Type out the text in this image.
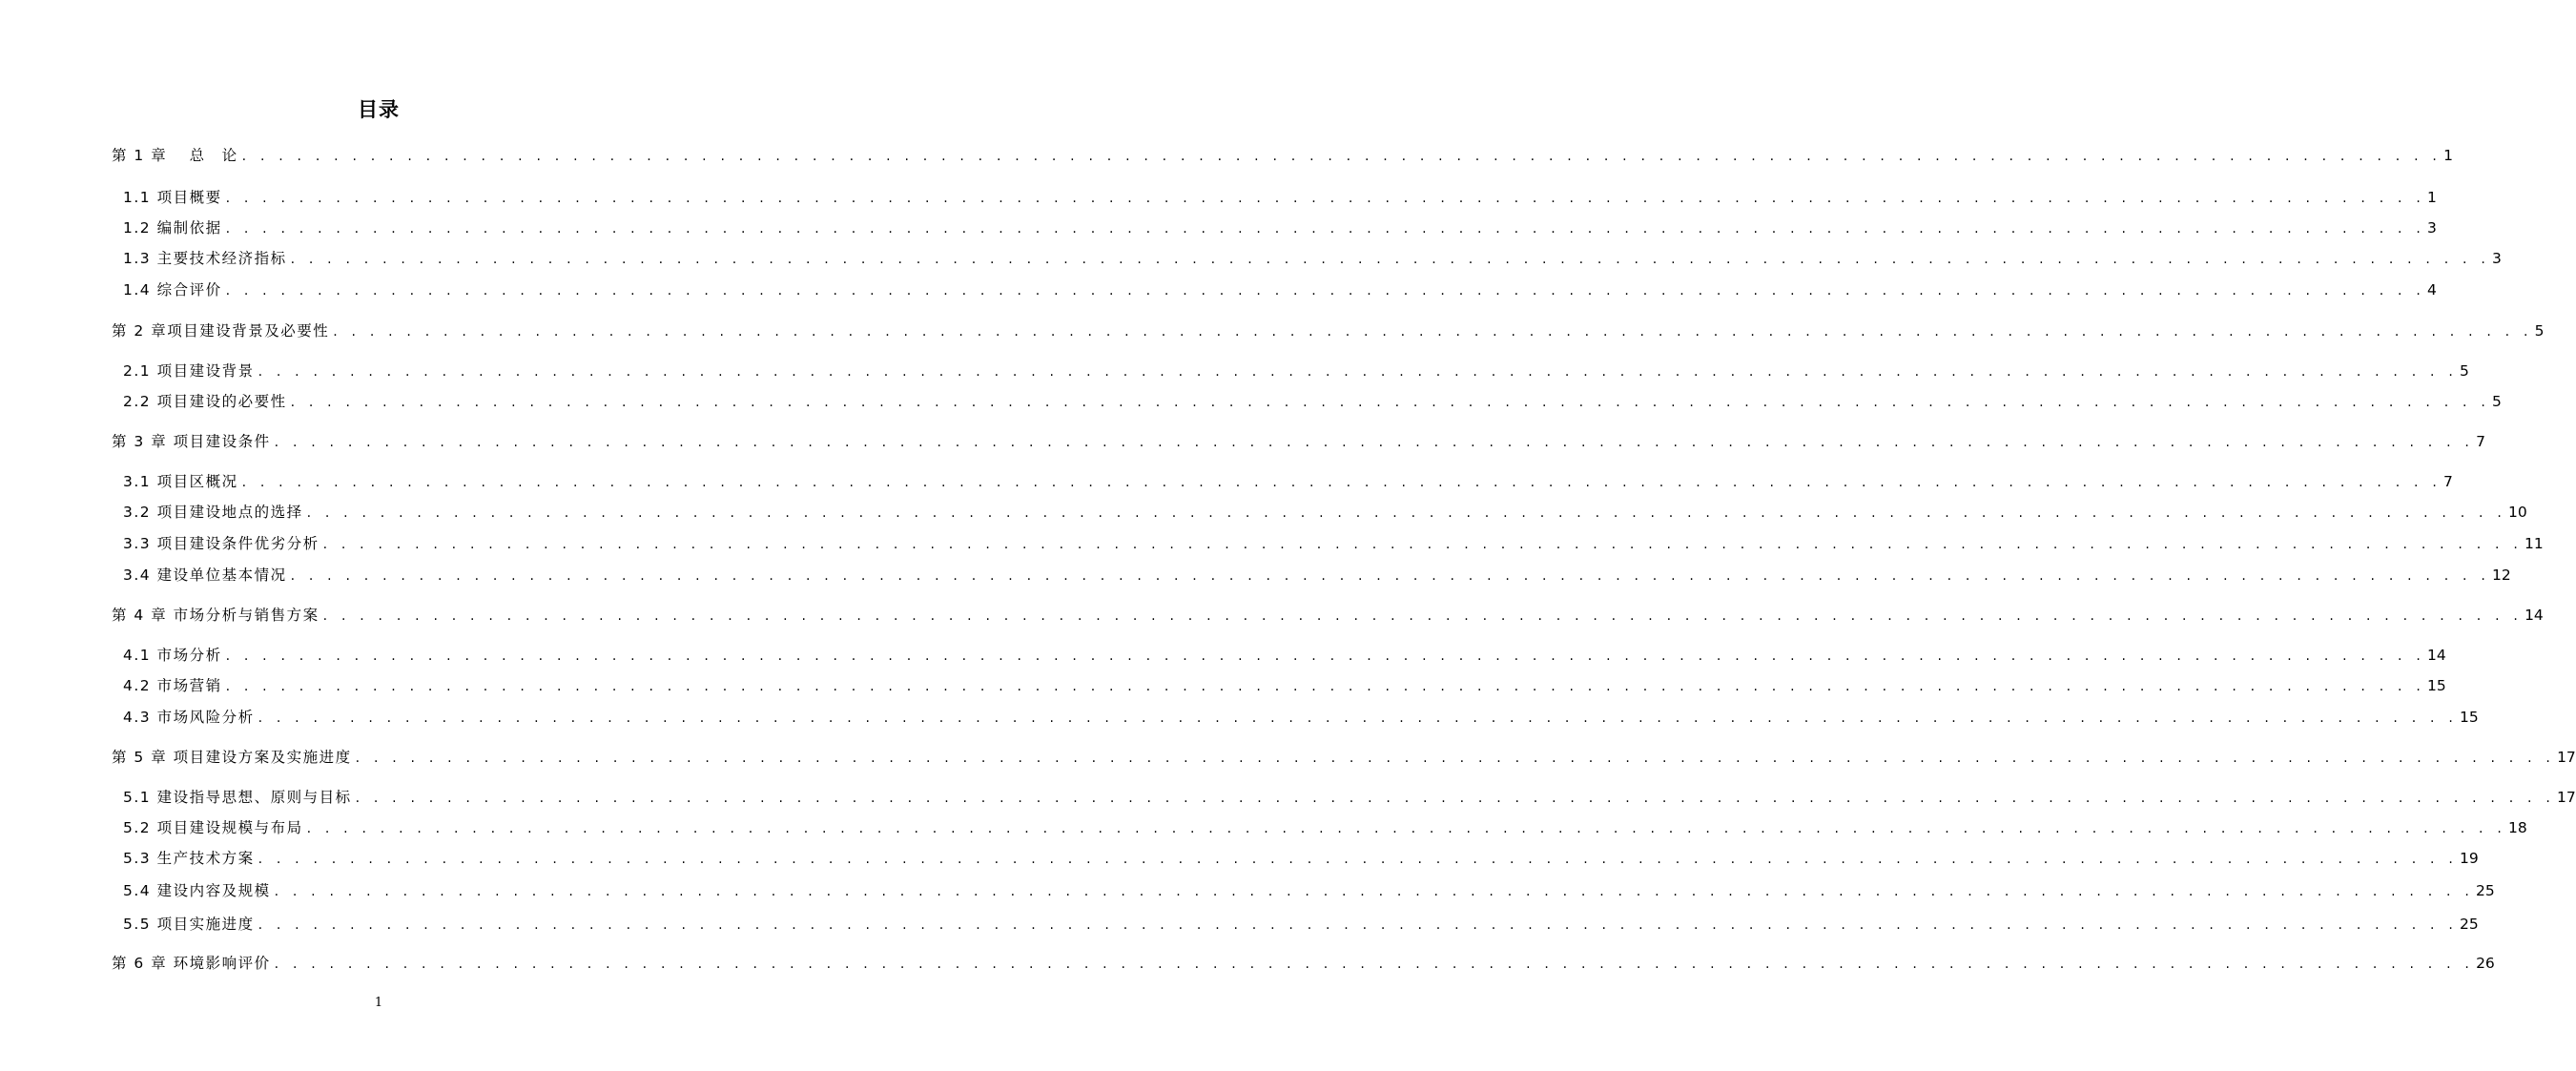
目录
第 1 章　 总　论 . . . . . . . . . . . . . . . . . . . . . . . . . . . . . . . . . . . . . . . . . . . . . . . . . . . . . . . . . . . . . . . . . . . . . . . . . . . . . . . . . . . . . . . . . . . . . . . . . . . . . . . . . . . . . . . . . . . . . . . . 1
1.1 项目概要 . . . . . . . . . . . . . . . . . . . . . . . . . . . . . . . . . . . . . . . . . . . . . . . . . . . . . . . . . . . . . . . . . . . . . . . . . . . . . . . . . . . . . . . . . . . . . . . . . . . . . . . . . . . . . . . . . . . . . . . . 1
1.2 编制依据 . . . . . . . . . . . . . . . . . . . . . . . . . . . . . . . . . . . . . . . . . . . . . . . . . . . . . . . . . . . . . . . . . . . . . . . . . . . . . . . . . . . . . . . . . . . . . . . . . . . . . . . . . . . . . . . . . . . . . . . . 3
1.3 主要技术经济指标 . . . . . . . . . . . . . . . . . . . . . . . . . . . . . . . . . . . . . . . . . . . . . . . . . . . . . . . . . . . . . . . . . . . . . . . . . . . . . . . . . . . . . . . . . . . . . . . . . . . . . . . . . . . . . . . . . . . . . . . . 3
1.4 综合评价 . . . . . . . . . . . . . . . . . . . . . . . . . . . . . . . . . . . . . . . . . . . . . . . . . . . . . . . . . . . . . . . . . . . . . . . . . . . . . . . . . . . . . . . . . . . . . . . . . . . . . . . . . . . . . . . . . . . . . . . . 4
第 2 章项目建设背景及必要性 . . . . . . . . . . . . . . . . . . . . . . . . . . . . . . . . . . . . . . . . . . . . . . . . . . . . . . . . . . . . . . . . . . . . . . . . . . . . . . . . . . . . . . . . . . . . . . . . . . . . . . . . . . . . . . . . . . . . . . . . 5
2.1 项目建设背景 . . . . . . . . . . . . . . . . . . . . . . . . . . . . . . . . . . . . . . . . . . . . . . . . . . . . . . . . . . . . . . . . . . . . . . . . . . . . . . . . . . . . . . . . . . . . . . . . . . . . . . . . . . . . . . . . . . . . . . . . 5
2.2 项目建设的必要性 . . . . . . . . . . . . . . . . . . . . . . . . . . . . . . . . . . . . . . . . . . . . . . . . . . . . . . . . . . . . . . . . . . . . . . . . . . . . . . . . . . . . . . . . . . . . . . . . . . . . . . . . . . . . . . . . . . . . . . . . 5
第 3 章 项目建设条件 . . . . . . . . . . . . . . . . . . . . . . . . . . . . . . . . . . . . . . . . . . . . . . . . . . . . . . . . . . . . . . . . . . . . . . . . . . . . . . . . . . . . . . . . . . . . . . . . . . . . . . . . . . . . . . . . . . . . . . . . 7
3.1 项目区概况 . . . . . . . . . . . . . . . . . . . . . . . . . . . . . . . . . . . . . . . . . . . . . . . . . . . . . . . . . . . . . . . . . . . . . . . . . . . . . . . . . . . . . . . . . . . . . . . . . . . . . . . . . . . . . . . . . . . . . . . . 7
3.2 项目建设地点的选择 . . . . . . . . . . . . . . . . . . . . . . . . . . . . . . . . . . . . . . . . . . . . . . . . . . . . . . . . . . . . . . . . . . . . . . . . . . . . . . . . . . . . . . . . . . . . . . . . . . . . . . . . . . . . . . . . . . . . . . . . 10
3.3 项目建设条件优劣分析 . . . . . . . . . . . . . . . . . . . . . . . . . . . . . . . . . . . . . . . . . . . . . . . . . . . . . . . . . . . . . . . . . . . . . . . . . . . . . . . . . . . . . . . . . . . . . . . . . . . . . . . . . . . . . . . . . . . . . . . . 11
3.4 建设单位基本情况 . . . . . . . . . . . . . . . . . . . . . . . . . . . . . . . . . . . . . . . . . . . . . . . . . . . . . . . . . . . . . . . . . . . . . . . . . . . . . . . . . . . . . . . . . . . . . . . . . . . . . . . . . . . . . . . . . . . . . . . . 12
第 4 章 市场分析与销售方案 . . . . . . . . . . . . . . . . . . . . . . . . . . . . . . . . . . . . . . . . . . . . . . . . . . . . . . . . . . . . . . . . . . . . . . . . . . . . . . . . . . . . . . . . . . . . . . . . . . . . . . . . . . . . . . . . . . . . . . . . 14
4.1 市场分析 . . . . . . . . . . . . . . . . . . . . . . . . . . . . . . . . . . . . . . . . . . . . . . . . . . . . . . . . . . . . . . . . . . . . . . . . . . . . . . . . . . . . . . . . . . . . . . . . . . . . . . . . . . . . . . . . . . . . . . . . 14
4.2 市场营销 . . . . . . . . . . . . . . . . . . . . . . . . . . . . . . . . . . . . . . . . . . . . . . . . . . . . . . . . . . . . . . . . . . . . . . . . . . . . . . . . . . . . . . . . . . . . . . . . . . . . . . . . . . . . . . . . . . . . . . . . 15
4.3 市场风险分析 . . . . . . . . . . . . . . . . . . . . . . . . . . . . . . . . . . . . . . . . . . . . . . . . . . . . . . . . . . . . . . . . . . . . . . . . . . . . . . . . . . . . . . . . . . . . . . . . . . . . . . . . . . . . . . . . . . . . . . . . 15
第 5 章 项目建设方案及实施进度 . . . . . . . . . . . . . . . . . . . . . . . . . . . . . . . . . . . . . . . . . . . . . . . . . . . . . . . . . . . . . . . . . . . . . . . . . . . . . . . . . . . . . . . . . . . . . . . . . . . . . . . . . . . . . . . . . . . . . . . . 17
5.1 建设指导思想、原则与目标 . . . . . . . . . . . . . . . . . . . . . . . . . . . . . . . . . . . . . . . . . . . . . . . . . . . . . . . . . . . . . . . . . . . . . . . . . . . . . . . . . . . . . . . . . . . . . . . . . . . . . . . . . . . . . . . . . . . . . . . . 17
5.2 项目建设规模与布局 . . . . . . . . . . . . . . . . . . . . . . . . . . . . . . . . . . . . . . . . . . . . . . . . . . . . . . . . . . . . . . . . . . . . . . . . . . . . . . . . . . . . . . . . . . . . . . . . . . . . . . . . . . . . . . . . . . . . . . . . 18
5.3 生产技术方案 . . . . . . . . . . . . . . . . . . . . . . . . . . . . . . . . . . . . . . . . . . . . . . . . . . . . . . . . . . . . . . . . . . . . . . . . . . . . . . . . . . . . . . . . . . . . . . . . . . . . . . . . . . . . . . . . . . . . . . . . 19
5.4 建设内容及规模 . . . . . . . . . . . . . . . . . . . . . . . . . . . . . . . . . . . . . . . . . . . . . . . . . . . . . . . . . . . . . . . . . . . . . . . . . . . . . . . . . . . . . . . . . . . . . . . . . . . . . . . . . . . . . . . . . . . . . . . . 25
5.5 项目实施进度 . . . . . . . . . . . . . . . . . . . . . . . . . . . . . . . . . . . . . . . . . . . . . . . . . . . . . . . . . . . . . . . . . . . . . . . . . . . . . . . . . . . . . . . . . . . . . . . . . . . . . . . . . . . . . . . . . . . . . . . . 25
第 6 章 环境影响评价 . . . . . . . . . . . . . . . . . . . . . . . . . . . . . . . . . . . . . . . . . . . . . . . . . . . . . . . . . . . . . . . . . . . . . . . . . . . . . . . . . . . . . . . . . . . . . . . . . . . . . . . . . . . . . . . . . . . . . . . . 26
1
